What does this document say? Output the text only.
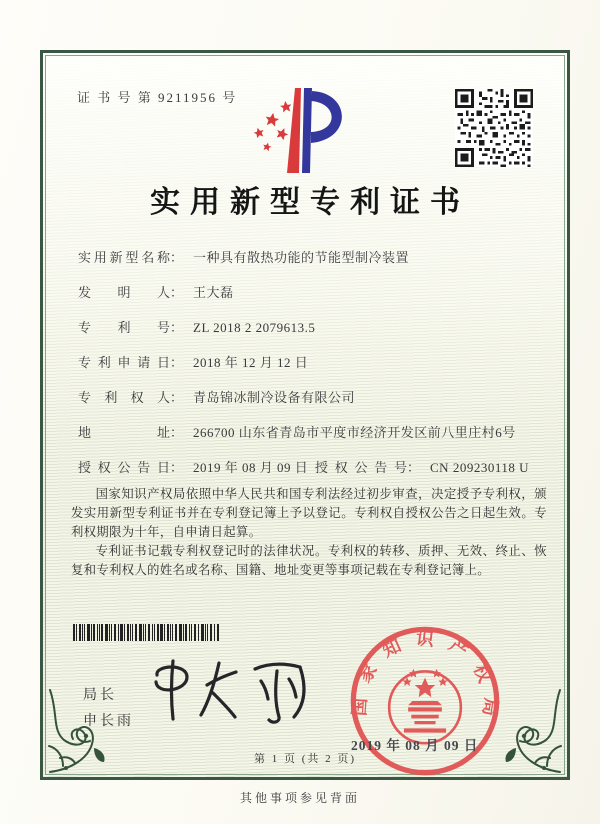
证 书 号 第 9211956 号
实用新型专利证书
实用新型名称 ： 一种具有散热功能的节能型制冷装置
发明人 ： 王大磊
专利号 ： ZL 2018 2 2079613.5
专利申请日 ： 2018 年 12 月 12 日
专利权人 ： 青岛锦冰制冷设备有限公司
地址 ： 266700 山东省青岛市平度市经济开发区前八里庄村6号
授权公告日 ： 2019 年 08 月 09 日 授权公告号 ： CN 209230118 U

国家知识产权局依照中华人民共和国专利法经过初步审查，决定授予专利权，颁发实用新型专利证书并在专利登记簿上予以登记。专利权自授权公告之日起生效。专利权期限为十年，自申请日起算。

专利证书记载专利权登记时的法律状况。专利权的转移、质押、无效、终止、恢复和专利权人的姓名或名称、国籍、地址变更等事项记载在专利登记簿上。

局长
申长雨
国家知识产权局
2019 年 08 月 09 日
第 1 页 (共 2 页)
其他事项参见背面
